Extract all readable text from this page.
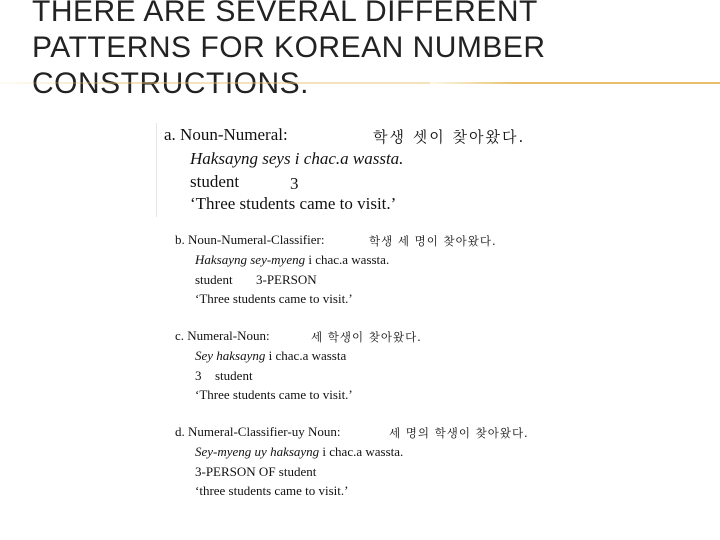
THERE ARE SEVERAL DIFFERENT
PATTERNS FOR KOREAN NUMBER
CONSTRUCTIONS.
a. Noun-Numeral:	학생 셋이 찾아왔다.
Haksayng seys i chac.a wassta.
student	3
‘Three students came to visit.’
b. Noun-Numeral-Classifier:	학생 세 명이 찾아왔다.
Haksayng sey-myeng i chac.a wassta.
student 3-PERSON
‘Three students came to visit.’
c. Numeral-Noun:	세 학생이 찾아왔다.
Sey haksayng i chac.a wassta
3 student
‘Three students came to visit.’
d. Numeral-Classifier-uy Noun:	세 명의 학생이 찾아왔다.
Sey-myeng uy haksayng i chac.a wassta.
3-PERSON OF student
‘three students came to visit.’
